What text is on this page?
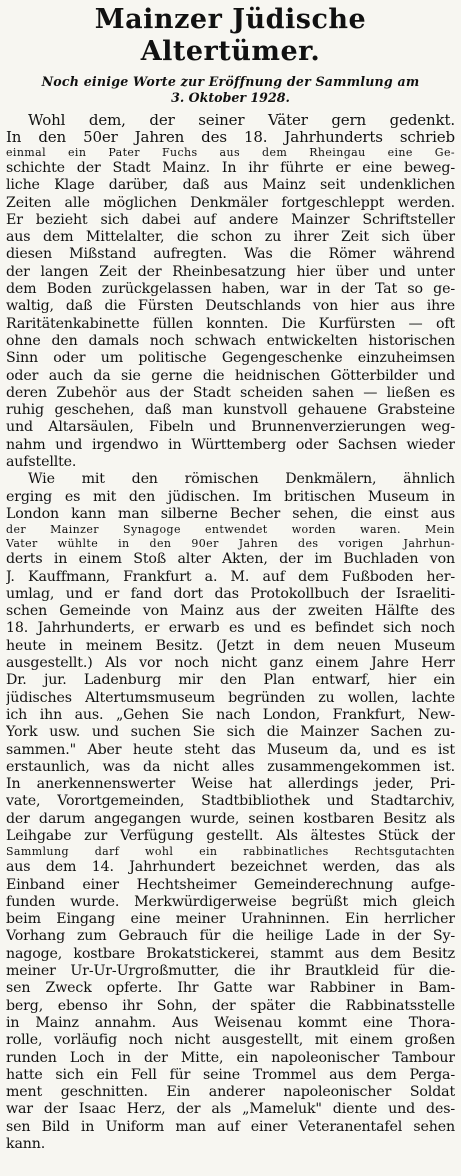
Mainzer Jüdische Altertümer.
Noch einige Worte zur Eröffnung der Sammlung am
3. Oktober 1928.
Wohl dem, der seiner Väter gern gedenkt.
In den 50er Jahren des 18. Jahrhunderts schrieb
einmal ein Pater Fuchs aus dem Rheingau eine Ge-
schichte der Stadt Mainz. In ihr führte er eine beweg-
liche Klage darüber, daß aus Mainz seit undenklichen
Zeiten alle möglichen Denkmäler fortgeschleppt werden.
Er bezieht sich dabei auf andere Mainzer Schriftsteller
aus dem Mittelalter, die schon zu ihrer Zeit sich über
diesen Mißstand aufregten. Was die Römer während
der langen Zeit der Rheinbesatzung hier über und unter
dem Boden zurückgelassen haben, war in der Tat so ge-
waltig, daß die Fürsten Deutschlands von hier aus ihre
Raritätenkabinette füllen konnten. Die Kurfürsten — oft
ohne den damals noch schwach entwickelten historischen
Sinn oder um politische Gegengeschenke einzuheimsen
oder auch da sie gerne die heidnischen Götterbilder und
deren Zubehör aus der Stadt scheiden sahen — ließen es
ruhig geschehen, daß man kunstvoll gehauene Grabsteine
und Altarsäulen, Fibeln und Brunnenverzierungen weg-
nahm und irgendwo in Württemberg oder Sachsen wieder
aufstellte.
Wie mit den römischen Denkmälern, ähnlich
erging es mit den jüdischen. Im britischen Museum in
London kann man silberne Becher sehen, die einst aus
der Mainzer Synagoge entwendet worden waren. Mein
Vater wühlte in den 90er Jahren des vorigen Jahrhun-
derts in einem Stoß alter Akten, der im Buchladen von
J. Kauffmann, Frankfurt a. M. auf dem Fußboden her-
umlag, und er fand dort das Protokollbuch der Israeliti-
schen Gemeinde von Mainz aus der zweiten Hälfte des
18. Jahrhunderts, er erwarb es und es befindet sich noch
heute in meinem Besitz. (Jetzt in dem neuen Museum
ausgestellt.) Als vor noch nicht ganz einem Jahre Herr
Dr. jur. Ladenburg mir den Plan entwarf, hier ein
jüdisches Altertumsmuseum begründen zu wollen, lachte
ich ihn aus. „Gehen Sie nach London, Frankfurt, New-
York usw. und suchen Sie sich die Mainzer Sachen zu-
sammen." Aber heute steht das Museum da, und es ist
erstaunlich, was da nicht alles zusammengekommen ist.
In anerkennenswerter Weise hat allerdings jeder, Pri-
vate, Vorortgemeinden, Stadtbibliothek und Stadtarchiv,
der darum angegangen wurde, seinen kostbaren Besitz als
Leihgabe zur Verfügung gestellt. Als ältestes Stück der
Sammlung darf wohl ein rabbinatliches Rechtsgutachten
aus dem 14. Jahrhundert bezeichnet werden, das als
Einband einer Hechtsheimer Gemeinderechnung aufge-
funden wurde. Merkwürdigerweise begrüßt mich gleich
beim Eingang eine meiner Urahninnen. Ein herrlicher
Vorhang zum Gebrauch für die heilige Lade in der Sy-
nagoge, kostbare Brokatstickerei, stammt aus dem Besitz
meiner Ur-Ur-Urgroßmutter, die ihr Brautkleid für die-
sen Zweck opferte. Ihr Gatte war Rabbiner in Bam-
berg, ebenso ihr Sohn, der später die Rabbinatsstelle
in Mainz annahm. Aus Weisenau kommt eine Thora-
rolle, vorläufig noch nicht ausgestellt, mit einem großen
runden Loch in der Mitte, ein napoleonischer Tambour
hatte sich ein Fell für seine Trommel aus dem Perga-
ment geschnitten. Ein anderer napoleonischer Soldat
war der Isaac Herz, der als „Mameluk" diente und des-
sen Bild in Uniform man auf einer Veteranentafel sehen
kann.
